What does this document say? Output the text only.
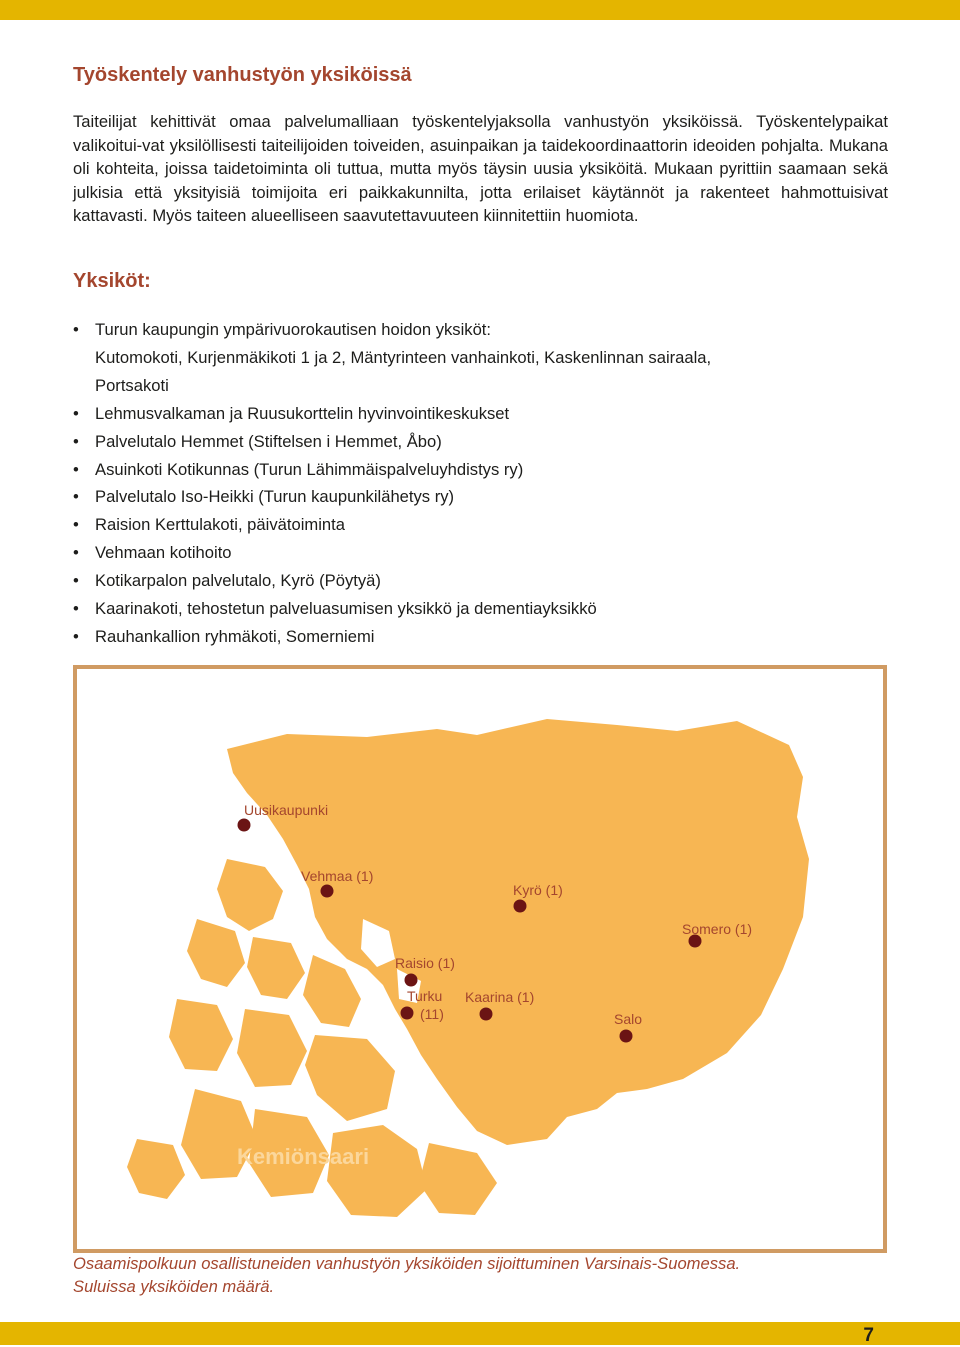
Työskentely vanhustyön yksiköissä

Taiteilijat kehittivät omaa palvelumalliaan työskentelyjaksolla vanhustyön yksiköissä. Työskentelypaikat valikoitui-vat yksilöllisesti taiteilijoiden toiveiden, asuinpaikan ja taidekoordinaattorin ideoiden pohjalta. Mukana oli kohteita, joissa taidetoiminta oli tuttua, mutta myös täysin uusia yksiköitä. Mukaan pyrittiin saamaan sekä julkisia että yksityisiä toimijoita eri paikkakunnilta, jotta erilaiset käytännöt ja rakenteet hahmottuisivat kattavasti. Myös taiteen alueelliseen saavutettavuuteen kiinnitettiin huomiota.

Yksiköt:
• Turun kaupungin ympärivuorokautisen hoidon yksiköt:
Kutomokoti, Kurjenmäkikoti 1 ja 2, Mäntyrinteen vanhainkoti, Kaskenlinnan sairaala,
Portsakoti
• Lehmusvalkaman ja Ruusukorttelin hyvinvointikeskukset
• Palvelutalo Hemmet (Stiftelsen i Hemmet, Åbo)
• Asuinkoti Kotikunnas (Turun Lähimmäispalveluyhdistys ry)
• Palvelutalo Iso-Heikki (Turun kaupunkilähetys ry)
• Raision Kerttulakoti, päivätoiminta
• Vehmaan kotihoito
• Kotikarpalon palvelutalo, Kyrö (Pöytyä)
• Kaarinakoti, tehostetun palveluasumisen yksikkö ja dementiayksikkö
• Rauhankallion ryhmäkoti, Somerniemi
Uusikaupunki
Vehmaa (1)
Kyrö (1)
Somero (1)
Raisio (1)
Turku
(11)
Kaarina (1)
Salo
Kemiönsaari
Osaamispolkuun osallistuneiden vanhustyön yksiköiden sijoittuminen Varsinais-Suomessa.
Suluissa yksiköiden määrä.
7
